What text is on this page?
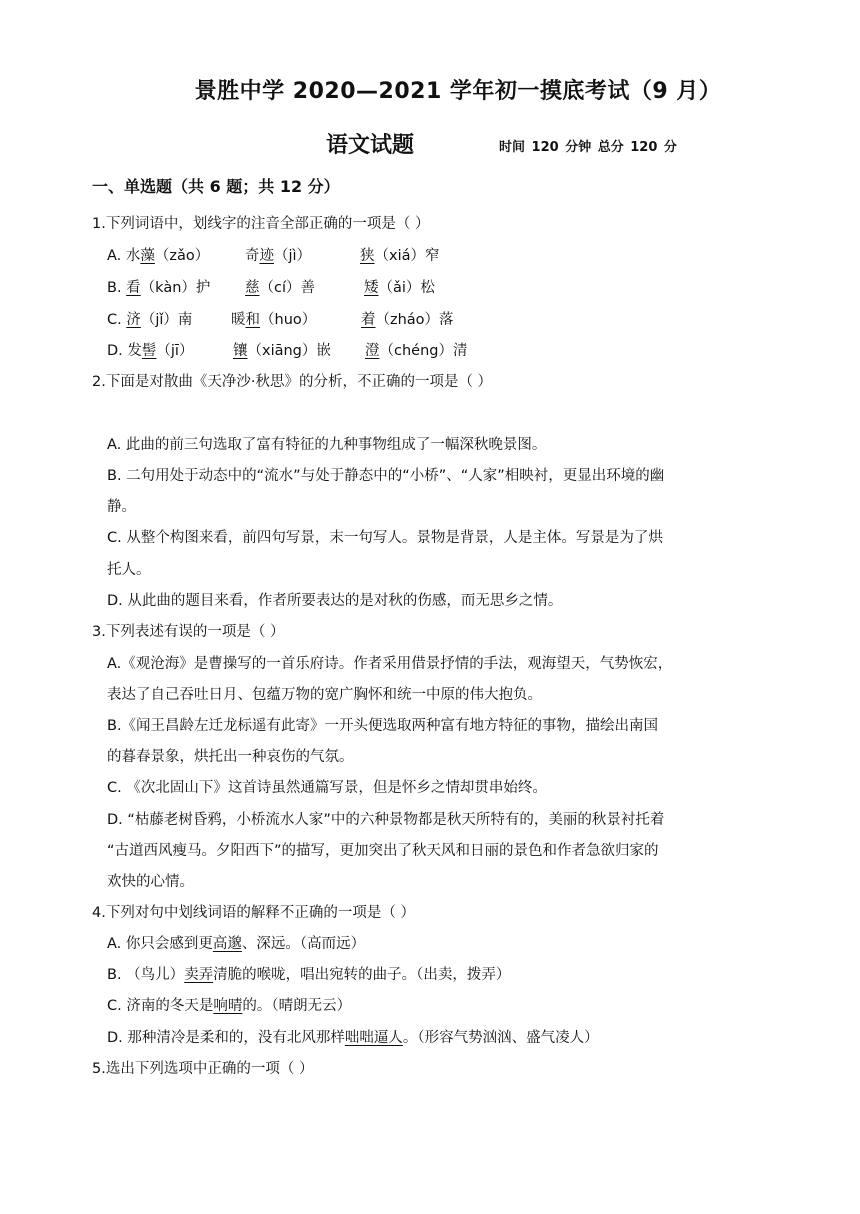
景胜中学 2020—2021 学年初一摸底考试（9 月）
语文试题	时间 120 分钟 总分 120 分
一、单选题（共 6 题；共 12 分）
1.下列词语中，划线字的注音全部正确的一项是（ ）
A. 水藻（zǎo） 奇迹（jì）	狭（xiá）窄
B. 看（kàn）护 慈（cí）善	矮（ǎi）松
C. 济（jǐ）南	暖和（huo）	着（zháo）落
D. 发髻（jī）	镶（xiāng）嵌 澄（chéng）清
2.下面是对散曲《天净沙·秋思》的分析，不正确的一项是（ ）
A. 此曲的前三句选取了富有特征的九种事物组成了一幅深秋晚景图。
B. 二句用处于动态中的“流水”与处于静态中的“小桥”、“人家”相映衬，更显出环境的幽
静。
C. 从整个构图来看，前四句写景，末一句写人。景物是背景，人是主体。写景是为了烘
托人。
D. 从此曲的题目来看，作者所要表达的是对秋的伤感，而无思乡之情。
3.下列表述有误的一项是（ ）
A.《观沧海》是曹操写的一首乐府诗。作者采用借景抒情的手法，观海望天，气势恢宏，
表达了自己吞吐日月、包蕴万物的宽广胸怀和统一中原的伟大抱负。
B.《闻王昌龄左迁龙标遥有此寄》一开头便选取两种富有地方特征的事物，描绘出南国
的暮春景象，烘托出一种哀伤的气氛。
C. 《次北固山下》这首诗虽然通篇写景，但是怀乡之情却贯串始终。
D. “枯藤老树昏鸦，小桥流水人家”中的六种景物都是秋天所特有的，美丽的秋景衬托着
“古道西风瘦马。夕阳西下”的描写，更加突出了秋天风和日丽的景色和作者急欲归家的
欢快的心情。
4.下列对句中划线词语的解释不正确的一项是（ ）
A. 你只会感到更高邈、深远。（高而远）
B. （鸟儿）卖弄清脆的喉咙，唱出宛转的曲子。（出卖，拨弄）
C. 济南的冬天是响晴的。（晴朗无云）
D. 那种清冷是柔和的，没有北风那样咄咄逼人。（形容气势汹汹、盛气凌人）
5.选出下列选项中正确的一项（ ）
